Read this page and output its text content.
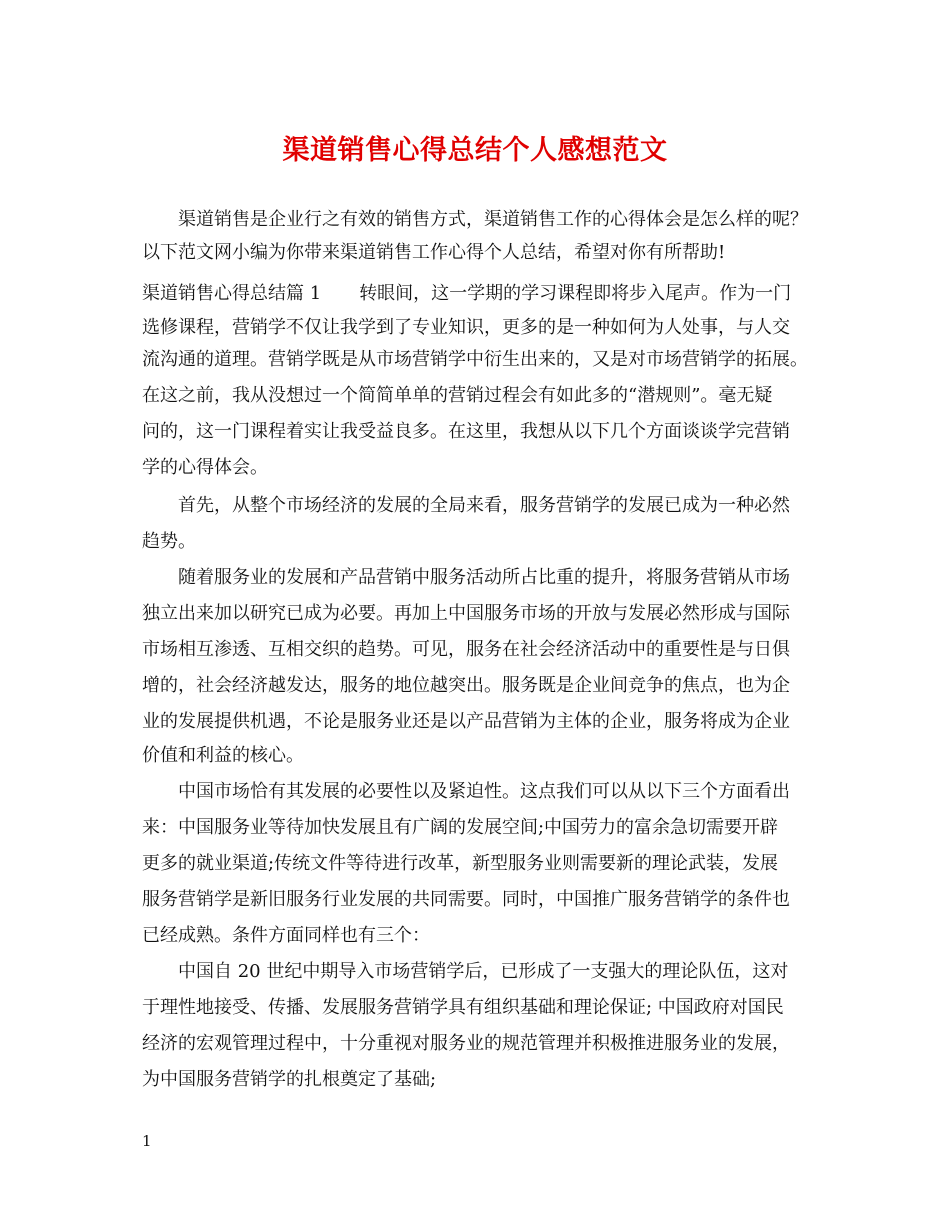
渠道销售心得总结个人感想范文
渠道销售是企业行之有效的销售方式，渠道销售工作的心得体会是怎么样的呢？
以下范文网小编为你带来渠道销售工作心得个人总结，希望对你有所帮助!
渠道销售心得总结篇 1 转眼间，这一学期的学习课程即将步入尾声。作为一门
选修课程，营销学不仅让我学到了专业知识，更多的是一种如何为人处事，与人交
流沟通的道理。营销学既是从市场营销学中衍生出来的，又是对市场营销学的拓展。
在这之前，我从没想过一个简简单单的营销过程会有如此多的“潜规则”。毫无疑
问的，这一门课程着实让我受益良多。在这里，我想从以下几个方面谈谈学完营销
学的心得体会。
首先，从整个市场经济的发展的全局来看，服务营销学的发展已成为一种必然
趋势。
随着服务业的发展和产品营销中服务活动所占比重的提升，将服务营销从市场
独立出来加以研究已成为必要。再加上中国服务市场的开放与发展必然形成与国际
市场相互渗透、互相交织的趋势。可见，服务在社会经济活动中的重要性是与日俱
增的，社会经济越发达，服务的地位越突出。服务既是企业间竞争的焦点，也为企
业的发展提供机遇，不论是服务业还是以产品营销为主体的企业，服务将成为企业
价值和利益的核心。
中国市场恰有其发展的必要性以及紧迫性。这点我们可以从以下三个方面看出
来：中国服务业等待加快发展且有广阔的发展空间;中国劳力的富余急切需要开辟
更多的就业渠道;传统文件等待进行改革，新型服务业则需要新的理论武装，发展
服务营销学是新旧服务行业发展的共同需要。同时，中国推广服务营销学的条件也
已经成熟。条件方面同样也有三个：
中国自 20 世纪中期导入市场营销学后，已形成了一支强大的理论队伍，这对
于理性地接受、传播、发展服务营销学具有组织基础和理论保证; 中国政府对国民
经济的宏观管理过程中，十分重视对服务业的规范管理并积极推进服务业的发展，
为中国服务营销学的扎根奠定了基础;
1
